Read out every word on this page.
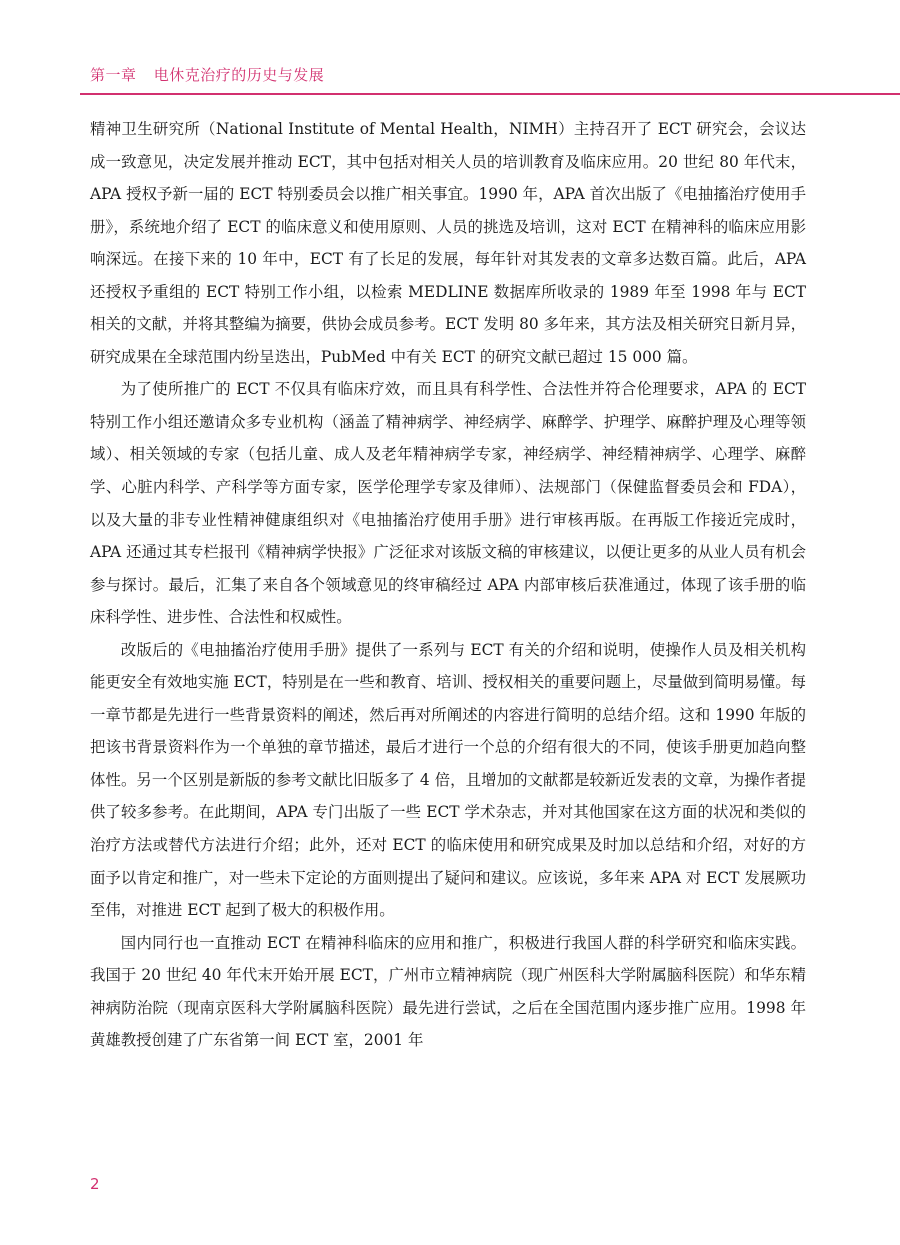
第一章 电休克治疗的历史与发展

精神卫生研究所（National Institute of Mental Health，NIMH）主持召开了 ECT 研究会，会议达成一致意见，决定发展并推动 ECT，其中包括对相关人员的培训教育及临床应用。20 世纪 80 年代末，APA 授权予新一届的 ECT 特别委员会以推广相关事宜。1990 年，APA 首次出版了《电抽搐治疗使用手册》，系统地介绍了 ECT 的临床意义和使用原则、人员的挑选及培训，这对 ECT 在精神科的临床应用影响深远。在接下来的 10 年中，ECT 有了长足的发展，每年针对其发表的文章多达数百篇。此后，APA 还授权予重组的 ECT 特别工作小组，以检索 MEDLINE 数据库所收录的 1989 年至 1998 年与 ECT 相关的文献，并将其整编为摘要，供协会成员参考。ECT 发明 80 多年来，其方法及相关研究日新月异，研究成果在全球范围内纷呈迭出，PubMed 中有关 ECT 的研究文献已超过 15 000 篇。

为了使所推广的 ECT 不仅具有临床疗效，而且具有科学性、合法性并符合伦理要求，APA 的 ECT 特别工作小组还邀请众多专业机构（涵盖了精神病学、神经病学、麻醉学、护理学、麻醉护理及心理等领域）、相关领域的专家（包括儿童、成人及老年精神病学专家，神经病学、神经精神病学、心理学、麻醉学、心脏内科学、产科学等方面专家，医学伦理学专家及律师）、法规部门（保健监督委员会和 FDA），以及大量的非专业性精神健康组织对《电抽搐治疗使用手册》进行审核再版。在再版工作接近完成时，APA 还通过其专栏报刊《精神病学快报》广泛征求对该版文稿的审核建议，以便让更多的从业人员有机会参与探讨。最后，汇集了来自各个领域意见的终审稿经过 APA 内部审核后获准通过，体现了该手册的临床科学性、进步性、合法性和权威性。

改版后的《电抽搐治疗使用手册》提供了一系列与 ECT 有关的介绍和说明，使操作人员及相关机构能更安全有效地实施 ECT，特别是在一些和教育、培训、授权相关的重要问题上，尽量做到简明易懂。每一章节都是先进行一些背景资料的阐述，然后再对所阐述的内容进行简明的总结介绍。这和 1990 年版的把该书背景资料作为一个单独的章节描述，最后才进行一个总的介绍有很大的不同，使该手册更加趋向整体性。另一个区别是新版的参考文献比旧版多了 4 倍，且增加的文献都是较新近发表的文章，为操作者提供了较多参考。在此期间，APA 专门出版了一些 ECT 学术杂志，并对其他国家在这方面的状况和类似的治疗方法或替代方法进行介绍；此外，还对 ECT 的临床使用和研究成果及时加以总结和介绍，对好的方面予以肯定和推广，对一些未下定论的方面则提出了疑问和建议。应该说，多年来 APA 对 ECT 发展厥功至伟，对推进 ECT 起到了极大的积极作用。

国内同行也一直推动 ECT 在精神科临床的应用和推广，积极进行我国人群的科学研究和临床实践。我国于 20 世纪 40 年代末开始开展 ECT，广州市立精神病院（现广州医科大学附属脑科医院）和华东精神病防治院（现南京医科大学附属脑科医院）最先进行尝试，之后在全国范围内逐步推广应用。1998 年黄雄教授创建了广东省第一间 ECT 室，2001 年

2
